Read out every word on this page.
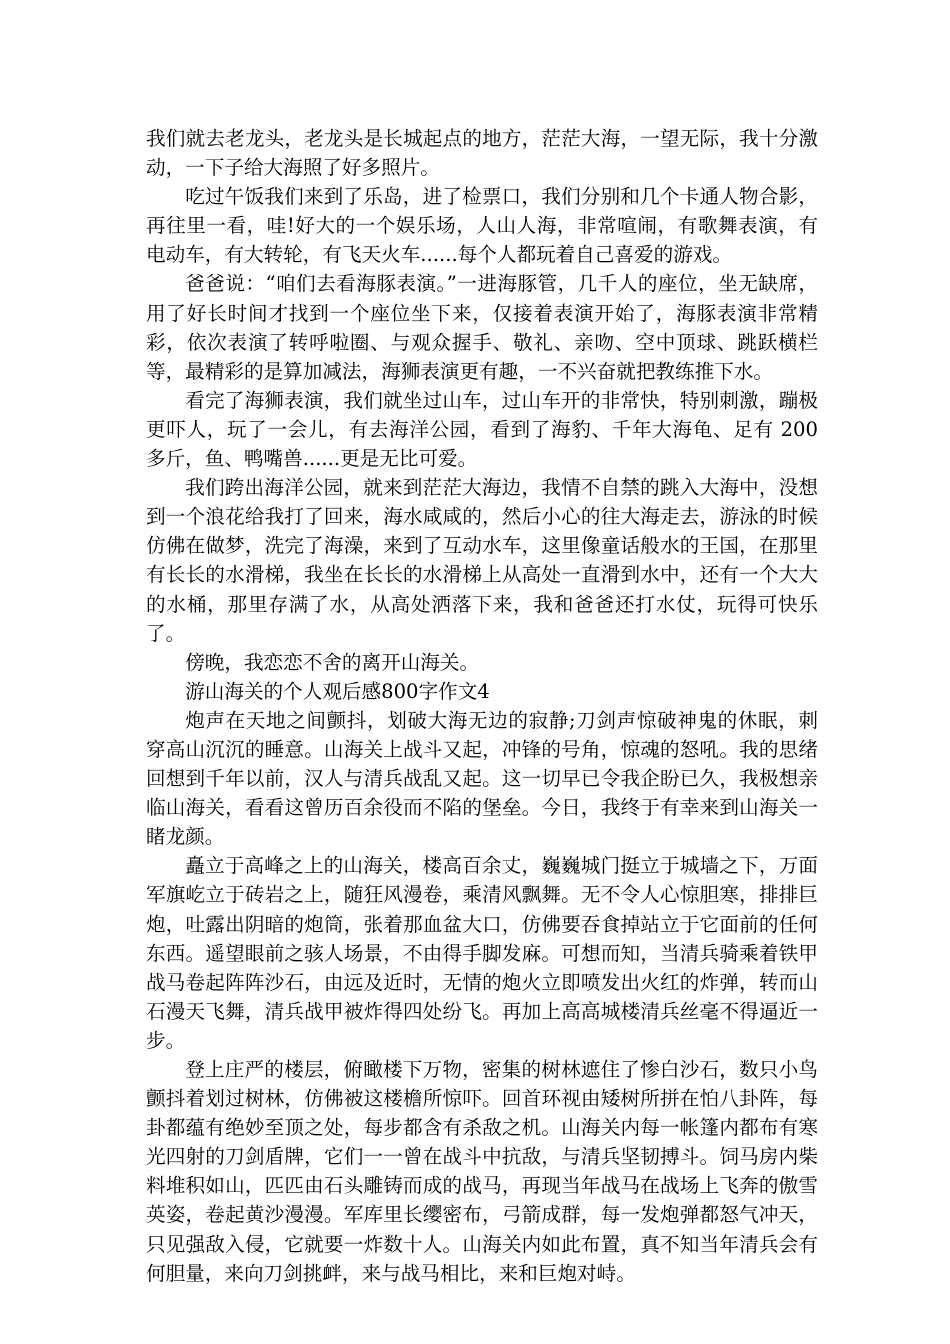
我们就去老龙头，老龙头是长城起点的地方，茫茫大海，一望无际，我十分激动，一下子给大海照了好多照片。

吃过午饭我们来到了乐岛，进了检票口，我们分别和几个卡通人物合影，再往里一看，哇!好大的一个娱乐场，人山人海，非常喧闹，有歌舞表演，有电动车，有大转轮，有飞天火车......每个人都玩着自己喜爱的游戏。

爸爸说：“咱们去看海豚表演。”一进海豚管，几千人的座位，坐无缺席，用了好长时间才找到一个座位坐下来，仅接着表演开始了，海豚表演非常精彩，依次表演了转呼啦圈、与观众握手、敬礼、亲吻、空中顶球、跳跃横栏等，最精彩的是算加减法，海狮表演更有趣，一不兴奋就把教练推下水。

看完了海狮表演，我们就坐过山车，过山车开的非常快，特别刺激，蹦极更吓人，玩了一会儿，有去海洋公园，看到了海豹、千年大海龟、足有 200 多斤，鱼、鸭嘴兽......更是无比可爱。

我们跨出海洋公园，就来到茫茫大海边，我情不自禁的跳入大海中，没想到一个浪花给我打了回来，海水咸咸的，然后小心的往大海走去，游泳的时候仿佛在做梦，洗完了海澡，来到了互动水车，这里像童话般水的王国，在那里有长长的水滑梯，我坐在长长的水滑梯上从高处一直滑到水中，还有一个大大的水桶，那里存满了水，从高处洒落下来，我和爸爸还打水仗，玩得可快乐了。

傍晚，我恋恋不舍的离开山海关。

游山海关的个人观后感800字作文4

炮声在天地之间颤抖，划破大海无边的寂静;刀剑声惊破神鬼的休眠，刺穿高山沉沉的睡意。山海关上战斗又起，冲锋的号角，惊魂的怒吼。我的思绪回想到千年以前，汉人与清兵战乱又起。这一切早已令我企盼已久，我极想亲临山海关，看看这曾历百余役而不陷的堡垒。今日，我终于有幸来到山海关一睹龙颜。

矗立于高峰之上的山海关，楼高百余丈，巍巍城门挺立于城墙之下，万面军旗屹立于砖岩之上，随狂风漫卷，乘清风飘舞。无不令人心惊胆寒，排排巨炮，吐露出阴暗的炮筒，张着那血盆大口，仿佛要吞食掉站立于它面前的任何东西。遥望眼前之骇人场景，不由得手脚发麻。可想而知，当清兵骑乘着铁甲战马卷起阵阵沙石，由远及近时，无情的炮火立即喷发出火红的炸弹，转而山石漫天飞舞，清兵战甲被炸得四处纷飞。再加上高高城楼清兵丝毫不得逼近一步。

登上庄严的楼层，俯瞰楼下万物，密集的树林遮住了惨白沙石，数只小鸟颤抖着划过树林，仿佛被这楼檐所惊吓。回首环视由矮树所拼在怕八卦阵，每卦都蕴有绝妙至顶之处，每步都含有杀敌之机。山海关内每一帐篷内都布有寒光四射的刀剑盾牌，它们一一曾在战斗中抗敌，与清兵坚韧搏斗。饲马房内柴料堆积如山，匹匹由石头雕铸而成的战马，再现当年战马在战场上飞奔的傲雪英姿，卷起黄沙漫漫。军库里长缨密布，弓箭成群，每一发炮弹都怒气冲天，只见强敌入侵，它就要一炸数十人。山海关内如此布置，真不知当年清兵会有何胆量，来向刀剑挑衅，来与战马相比，来和巨炮对峙。
